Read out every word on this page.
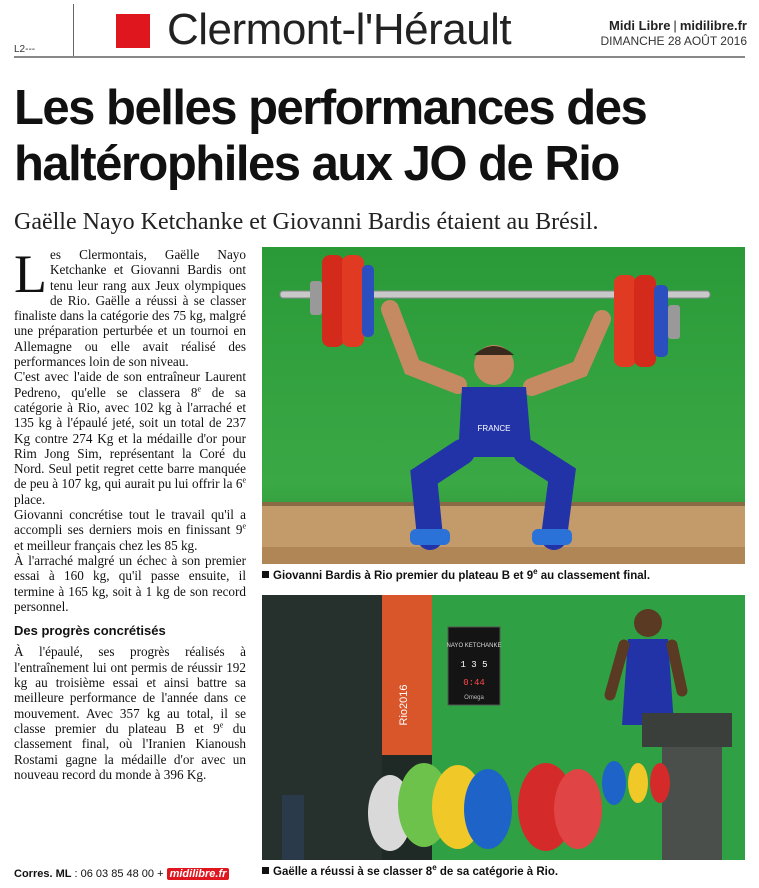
Clermont-l'Hérault	Midi Libre | midilibre.fr
DIMANCHE 28 AOÛT 2016
L2---
Les belles performances des haltérophiles aux JO de Rio
Gaëlle Nayo Ketchanke et Giovanni Bardis étaient au Brésil.

Les Clermontais, Gaëlle Nayo Ketchanke et Giovanni Bardis ont tenu leur rang aux Jeux olympiques de Rio. Gaëlle a réussi à se classer finaliste dans la catégorie des 75 kg, malgré une préparation perturbée et un tournoi en Allemagne ou elle avait réalisé des performances loin de son niveau.

C'est avec l'aide de son entraîneur Laurent Pedreno, qu'elle se classera 8e de sa catégorie à Rio, avec 102 kg à l'arraché et 135 kg à l'épaulé jeté, soit un total de 237 Kg contre 274 Kg et la médaille d'or pour Rim Jong Sim, représentant la Coré du Nord. Seul petit regret cette barre manquée de peu à 107 kg, qui aurait pu lui offrir la 6e place.

Giovanni concrétise tout le travail qu'il a accompli ses derniers mois en finissant 9e et meilleur français chez les 85 kg.

À l'arraché malgré un échec à son premier essai à 160 kg, qu'il passe ensuite, il termine à 165 kg, soit à 1 kg de son record personnel.

Des progrès concrétisés

À l'épaulé, ses progrès réalisés à l'entraînement lui ont permis de réussir 192 kg au troisième essai et ainsi battre sa meilleure performance de l'année dans ce mouvement. Avec 357 kg au total, il se classe premier du plateau B et 9e du classement final, où l'Iranien Kianoush Rostami gagne la médaille d'or avec un nouveau record du monde à 396 Kg.

Corres. ML : 06 03 85 48 00 + midilibre.fr
FRANCE
Giovanni Bardis à Rio premier du plateau B et 9e au classement final.
Rio2016
NAYO KETCHANKE
1 3 5
0:44
Omega
Gaëlle a réussi à se classer 8e de sa catégorie à Rio.
